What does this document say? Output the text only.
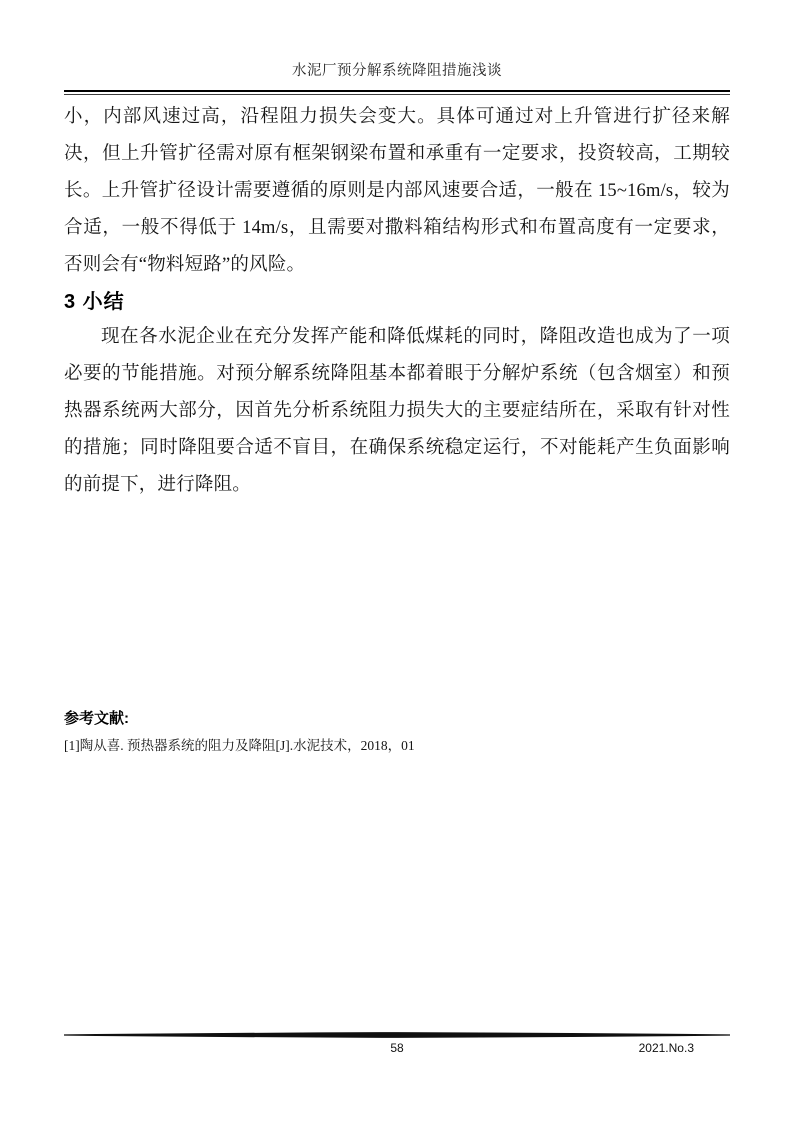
水泥厂预分解系统降阻措施浅谈

小，内部风速过高，沿程阻力损失会变大。具体可通过对上升管进行扩径来解决，但上升管扩径需对原有框架钢梁布置和承重有一定要求，投资较高，工期较长。上升管扩径设计需要遵循的原则是内部风速要合适，一般在 15~16m/s，较为合适，一般不得低于 14m/s，且需要对撒料箱结构形式和布置高度有一定要求，否则会有“物料短路”的风险。

3 小结

现在各水泥企业在充分发挥产能和降低煤耗的同时，降阻改造也成为了一项必要的节能措施。对预分解系统降阻基本都着眼于分解炉系统（包含烟室）和预热器系统两大部分，因首先分析系统阻力损失大的主要症结所在，采取有针对性的措施；同时降阻要合适不盲目，在确保系统稳定运行，不对能耗产生负面影响的前提下，进行降阻。

参考文献:
[1]陶从喜. 预热器系统的阻力及降阻[J].水泥技术，2018，01
58	2021.No.3
